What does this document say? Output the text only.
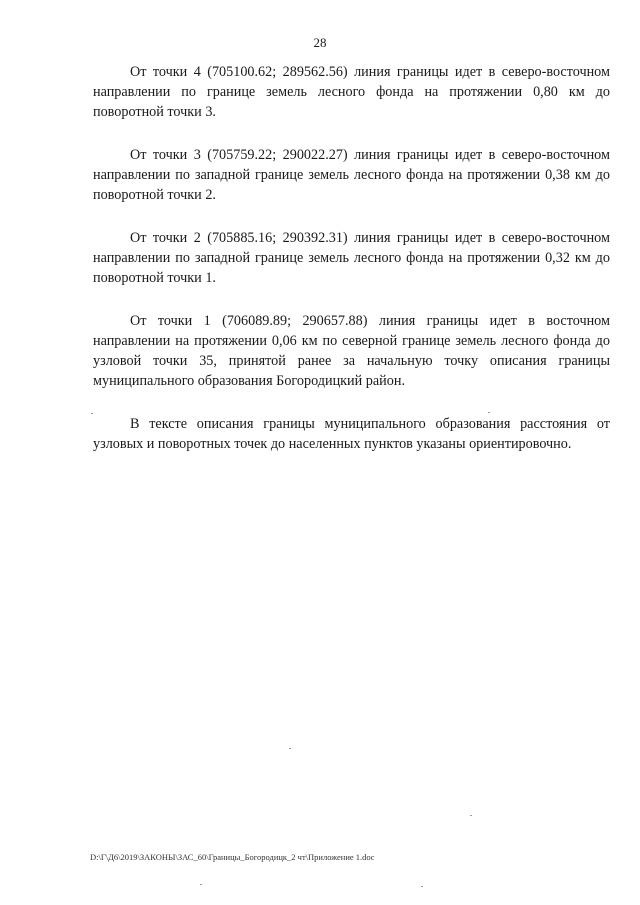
28

От точки 4 (705100.62; 289562.56) линия границы идет в северо-восточном направлении по границе земель лесного фонда на протяжении 0,80 км до поворотной точки 3.

От точки 3 (705759.22; 290022.27) линия границы идет в северо-восточном направлении по западной границе земель лесного фонда на протяжении 0,38 км до поворотной точки 2.

От точки 2 (705885.16; 290392.31) линия границы идет в северо-восточном направлении по западной границе земель лесного фонда на протяжении 0,32 км до поворотной точки 1.

От точки 1 (706089.89; 290657.88) линия границы идет в восточном направлении на протяжении 0,06 км по северной границе земель лесного фонда до узловой точки 35, принятой ранее за начальную точку описания границы муниципального образования Богородицкий район.

В тексте описания границы муниципального образования расстояния от узловых и поворотных точек до населенных пунктов указаны ориентировочно.

D:\Г\Д6\2019\ЗАКОНЫ\ЗАС_60\Границы_Богородицк_2 чт\Приложение 1.doc
